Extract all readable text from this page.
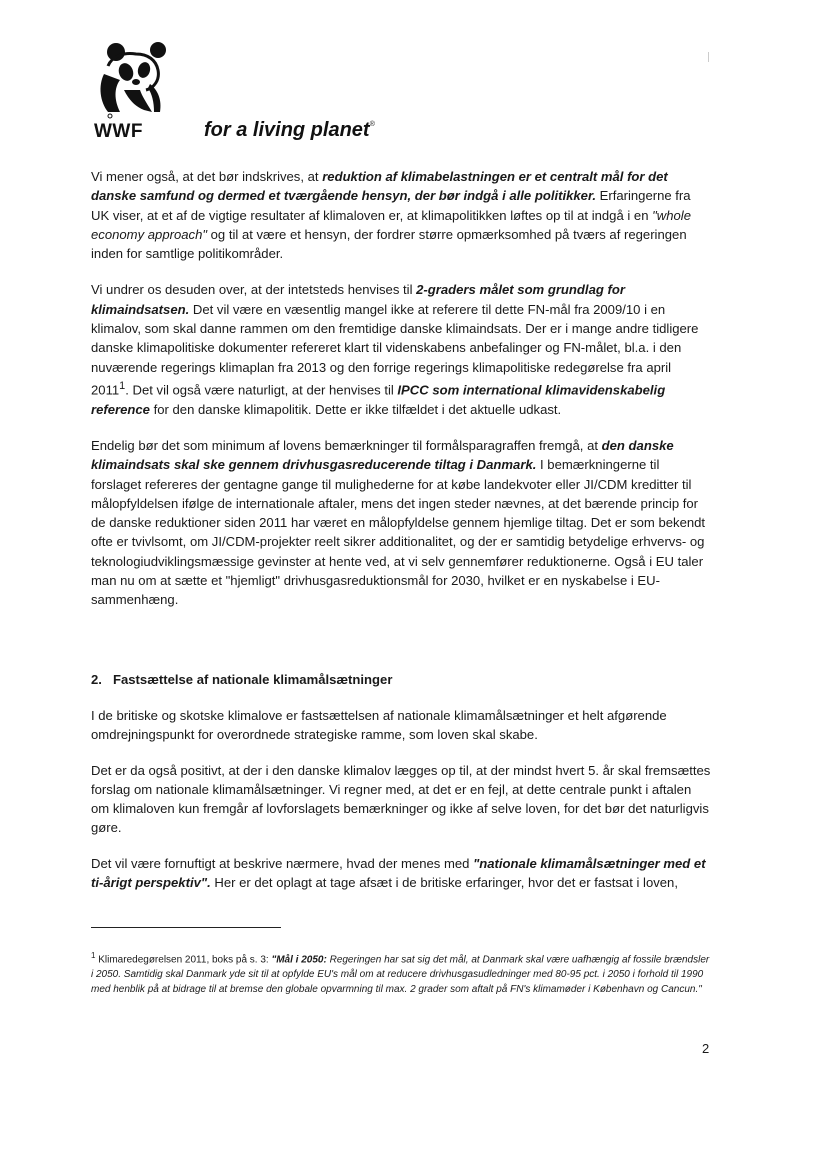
WWF	for a living planet®

Vi mener også, at det bør indskrives, at reduktion af klimabelastningen er et centralt mål for det danske samfund og dermed et tværgående hensyn, der bør indgå i alle politikker. Erfaringerne fra UK viser, at et af de vigtige resultater af klimaloven er, at klimapolitikken løftes op til at indgå i en "whole economy approach" og til at være et hensyn, der fordrer større opmærksomhed på tværs af regeringen inden for samtlige politikområder.

Vi undrer os desuden over, at der intetsteds henvises til 2-graders målet som grundlag for klimaindsatsen. Det vil være en væsentlig mangel ikke at referere til dette FN-mål fra 2009/10 i en klimalov, som skal danne rammen om den fremtidige danske klimaindsats. Der er i mange andre tidligere danske klimapolitiske dokumenter refereret klart til videnskabens anbefalinger og FN-målet, bl.a. i den nuværende regerings klimaplan fra 2013 og den forrige regerings klimapolitiske redegørelse fra april 2011$^1$. Det vil også være naturligt, at der henvises til IPCC som international klimavidenskabelig reference for den danske klimapolitik. Dette er ikke tilfældet i det aktuelle udkast.

Endelig bør det som minimum af lovens bemærkninger til formålsparagraffen fremgå, at den danske klimaindsats skal ske gennem drivhusgasreducerende tiltag i Danmark. I bemærkningerne til forslaget refereres der gentagne gange til mulighederne for at købe landekvoter eller JI/CDM kreditter til målopfyldelsen ifølge de internationale aftaler, mens det ingen steder nævnes, at det bærende princip for de danske reduktioner siden 2011 har været en målopfyldelse gennem hjemlige tiltag. Det er som bekendt ofte er tvivlsomt, om JI/CDM-projekter reelt sikrer additionalitet, og der er samtidig betydelige erhvervs- og teknologiudviklingsmæssige gevinster at hente ved, at vi selv gennemfører reduktionerne. Også i EU taler man nu om at sætte et "hjemligt" drivhusgasreduktionsmål for 2030, hvilket er en nyskabelse i EU-sammenhæng.

2. Fastsættelse af nationale klimamålsætninger

I de britiske og skotske klimalove er fastsættelsen af nationale klimamålsætninger et helt afgørende omdrejningspunkt for overordnede strategiske ramme, som loven skal skabe.

Det er da også positivt, at der i den danske klimalov lægges op til, at der mindst hvert 5. år skal fremsættes forslag om nationale klimamålsætninger. Vi regner med, at det er en fejl, at dette centrale punkt i aftalen om klimaloven kun fremgår af lovforslagets bemærkninger og ikke af selve loven, for det bør det naturligvis gøre.

Det vil være fornuftigt at beskrive nærmere, hvad der menes med "nationale klimamålsætninger med et ti-årigt perspektiv". Her er det oplagt at tage afsæt i de britiske erfaringer, hvor det er fastsat i loven,

$^1$ Klimaredegørelsen 2011, boks på s. 3: "Mål i 2050: Regeringen har sat sig det mål, at Danmark skal være uafhængig af fossile brændsler i 2050. Samtidig skal Danmark yde sit til at opfylde EU's mål om at reducere drivhusgasudledninger med 80-95 pct. i 2050 i forhold til 1990 med henblik på at bidrage til at bremse den globale opvarmning til max. 2 grader som aftalt på FN's klimamøder i København og Cancun."
2
